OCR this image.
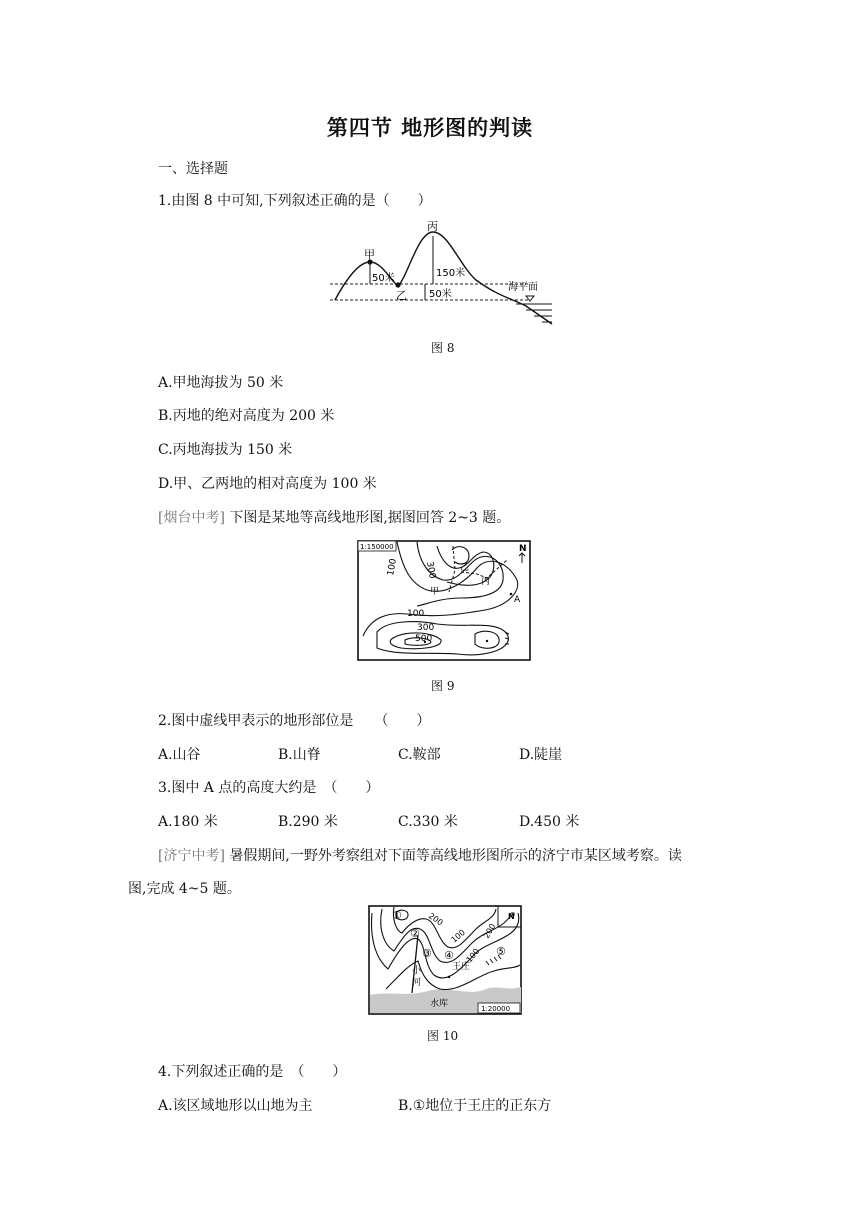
第四节 地形图的判读
一、选择题
1.由图 8 中可知,下列叙述正确的是（　　）
甲
乙
丙
50米	150米
50米
海平面
图 8
A.甲地海拔为 50 米
B.丙地的绝对高度为 200 米
C.丙地海拔为 150 米
D.甲、乙两地的相对高度为 100 米
[烟台中考] 下图是某地等高线地形图,据图回答 2~3 题。
1:150000	N
100	300
100
300
500
甲
乙
丙
A
图 9
2.图中虚线甲表示的地形部位是　　（　　）
A.山谷	B.山脊	C.鞍部	D.陡崖
3.图中 A 点的高度大约是　（　　）
A.180 米	B.290 米	C.330 米	D.450 米
[济宁中考] 暑假期间,一野外考察组对下面等高线地形图所示的济宁市某区域考察。读
图,完成 4~5 题。
1:20000
水库
N
①
②
③ ④	⑤
200
200
100
100
小
河
王庄
图 10
4.下列叙述正确的是　（　　）
A.该区域地形以山地为主	B.①地位于王庄的正东方
